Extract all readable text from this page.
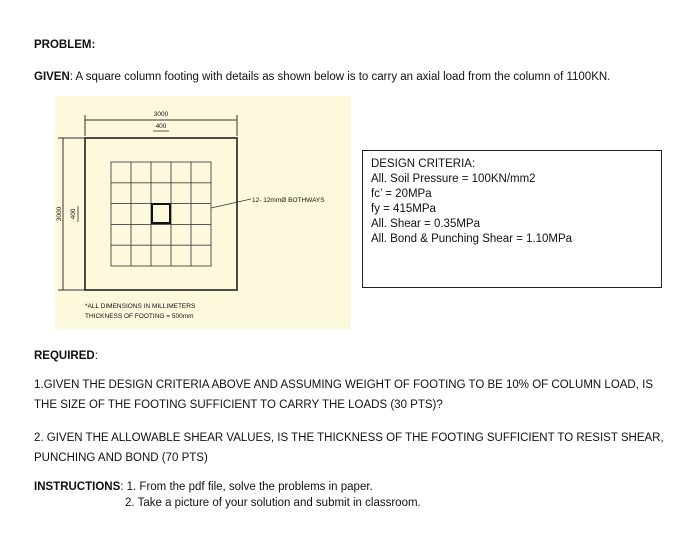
PROBLEM:
GIVEN: A square column footing with details as shown below is to carry an axial load from the column of 1100KN.
3000
400
3000 400
12- 12mmØ BOTHWAYS
*ALL DIMENSIONS IN MILLIMETERS
THICKNESS OF FOOTING = 500mm
DESIGN CRITERIA:
All. Soil Pressure = 100KN/mm2
fc’ = 20MPa
fy = 415MPa
All. Shear = 0.35MPa
All. Bond & Punching Shear = 1.10MPa
REQUIRED:
1.GIVEN THE DESIGN CRITERIA ABOVE AND ASSUMING WEIGHT OF FOOTING TO BE 10% OF COLUMN LOAD, IS THE SIZE OF THE FOOTING SUFFICIENT TO CARRY THE LOADS (30 PTS)?
2. GIVEN THE ALLOWABLE SHEAR VALUES, IS THE THICKNESS OF THE FOOTING SUFFICIENT TO RESIST SHEAR, PUNCHING AND BOND (70 PTS)
INSTRUCTIONS: 1. From the pdf file, solve the problems in paper.
2. Take a picture of your solution and submit in classroom.
